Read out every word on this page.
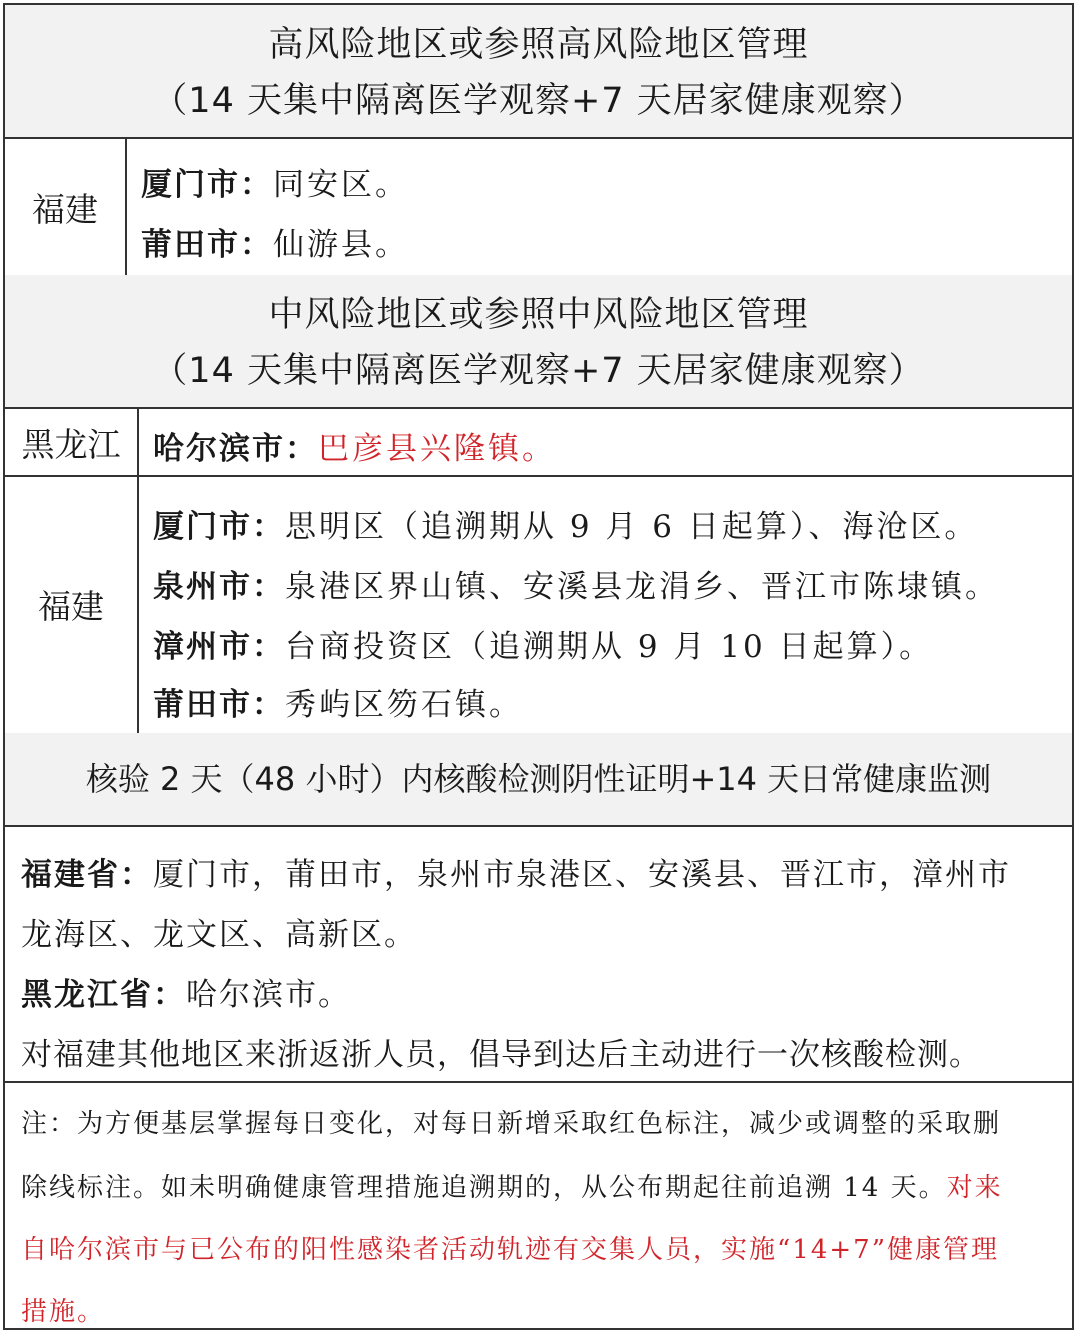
高风险地区或参照高风险地区管理
（14 天集中隔离医学观察+7 天居家健康观察）
福建
厦门市：同安区。
莆田市：仙游县。
中风险地区或参照中风险地区管理
（14 天集中隔离医学观察+7 天居家健康观察）
黑龙江	哈尔滨市：巴彦县兴隆镇。
福建
厦门市：思明区（追溯期从 9 月 6 日起算）、海沧区。
泉州市：泉港区界山镇、安溪县龙涓乡、晋江市陈埭镇。
漳州市：台商投资区（追溯期从 9 月 10 日起算）。
莆田市：秀屿区笏石镇。
核验 2 天（48 小时）内核酸检测阴性证明+14 天日常健康监测
福建省：厦门市，莆田市，泉州市泉港区、安溪县、晋江市，漳州市
龙海区、龙文区、高新区。
黑龙江省：哈尔滨市。
对福建其他地区来浙返浙人员，倡导到达后主动进行一次核酸检测。
注：为方便基层掌握每日变化，对每日新增采取红色标注，减少或调整的采取删
除线标注。如未明确健康管理措施追溯期的，从公布期起往前追溯 14 天。对来
自哈尔滨市与已公布的阳性感染者活动轨迹有交集人员，实施“14+7”健康管理
措施。
